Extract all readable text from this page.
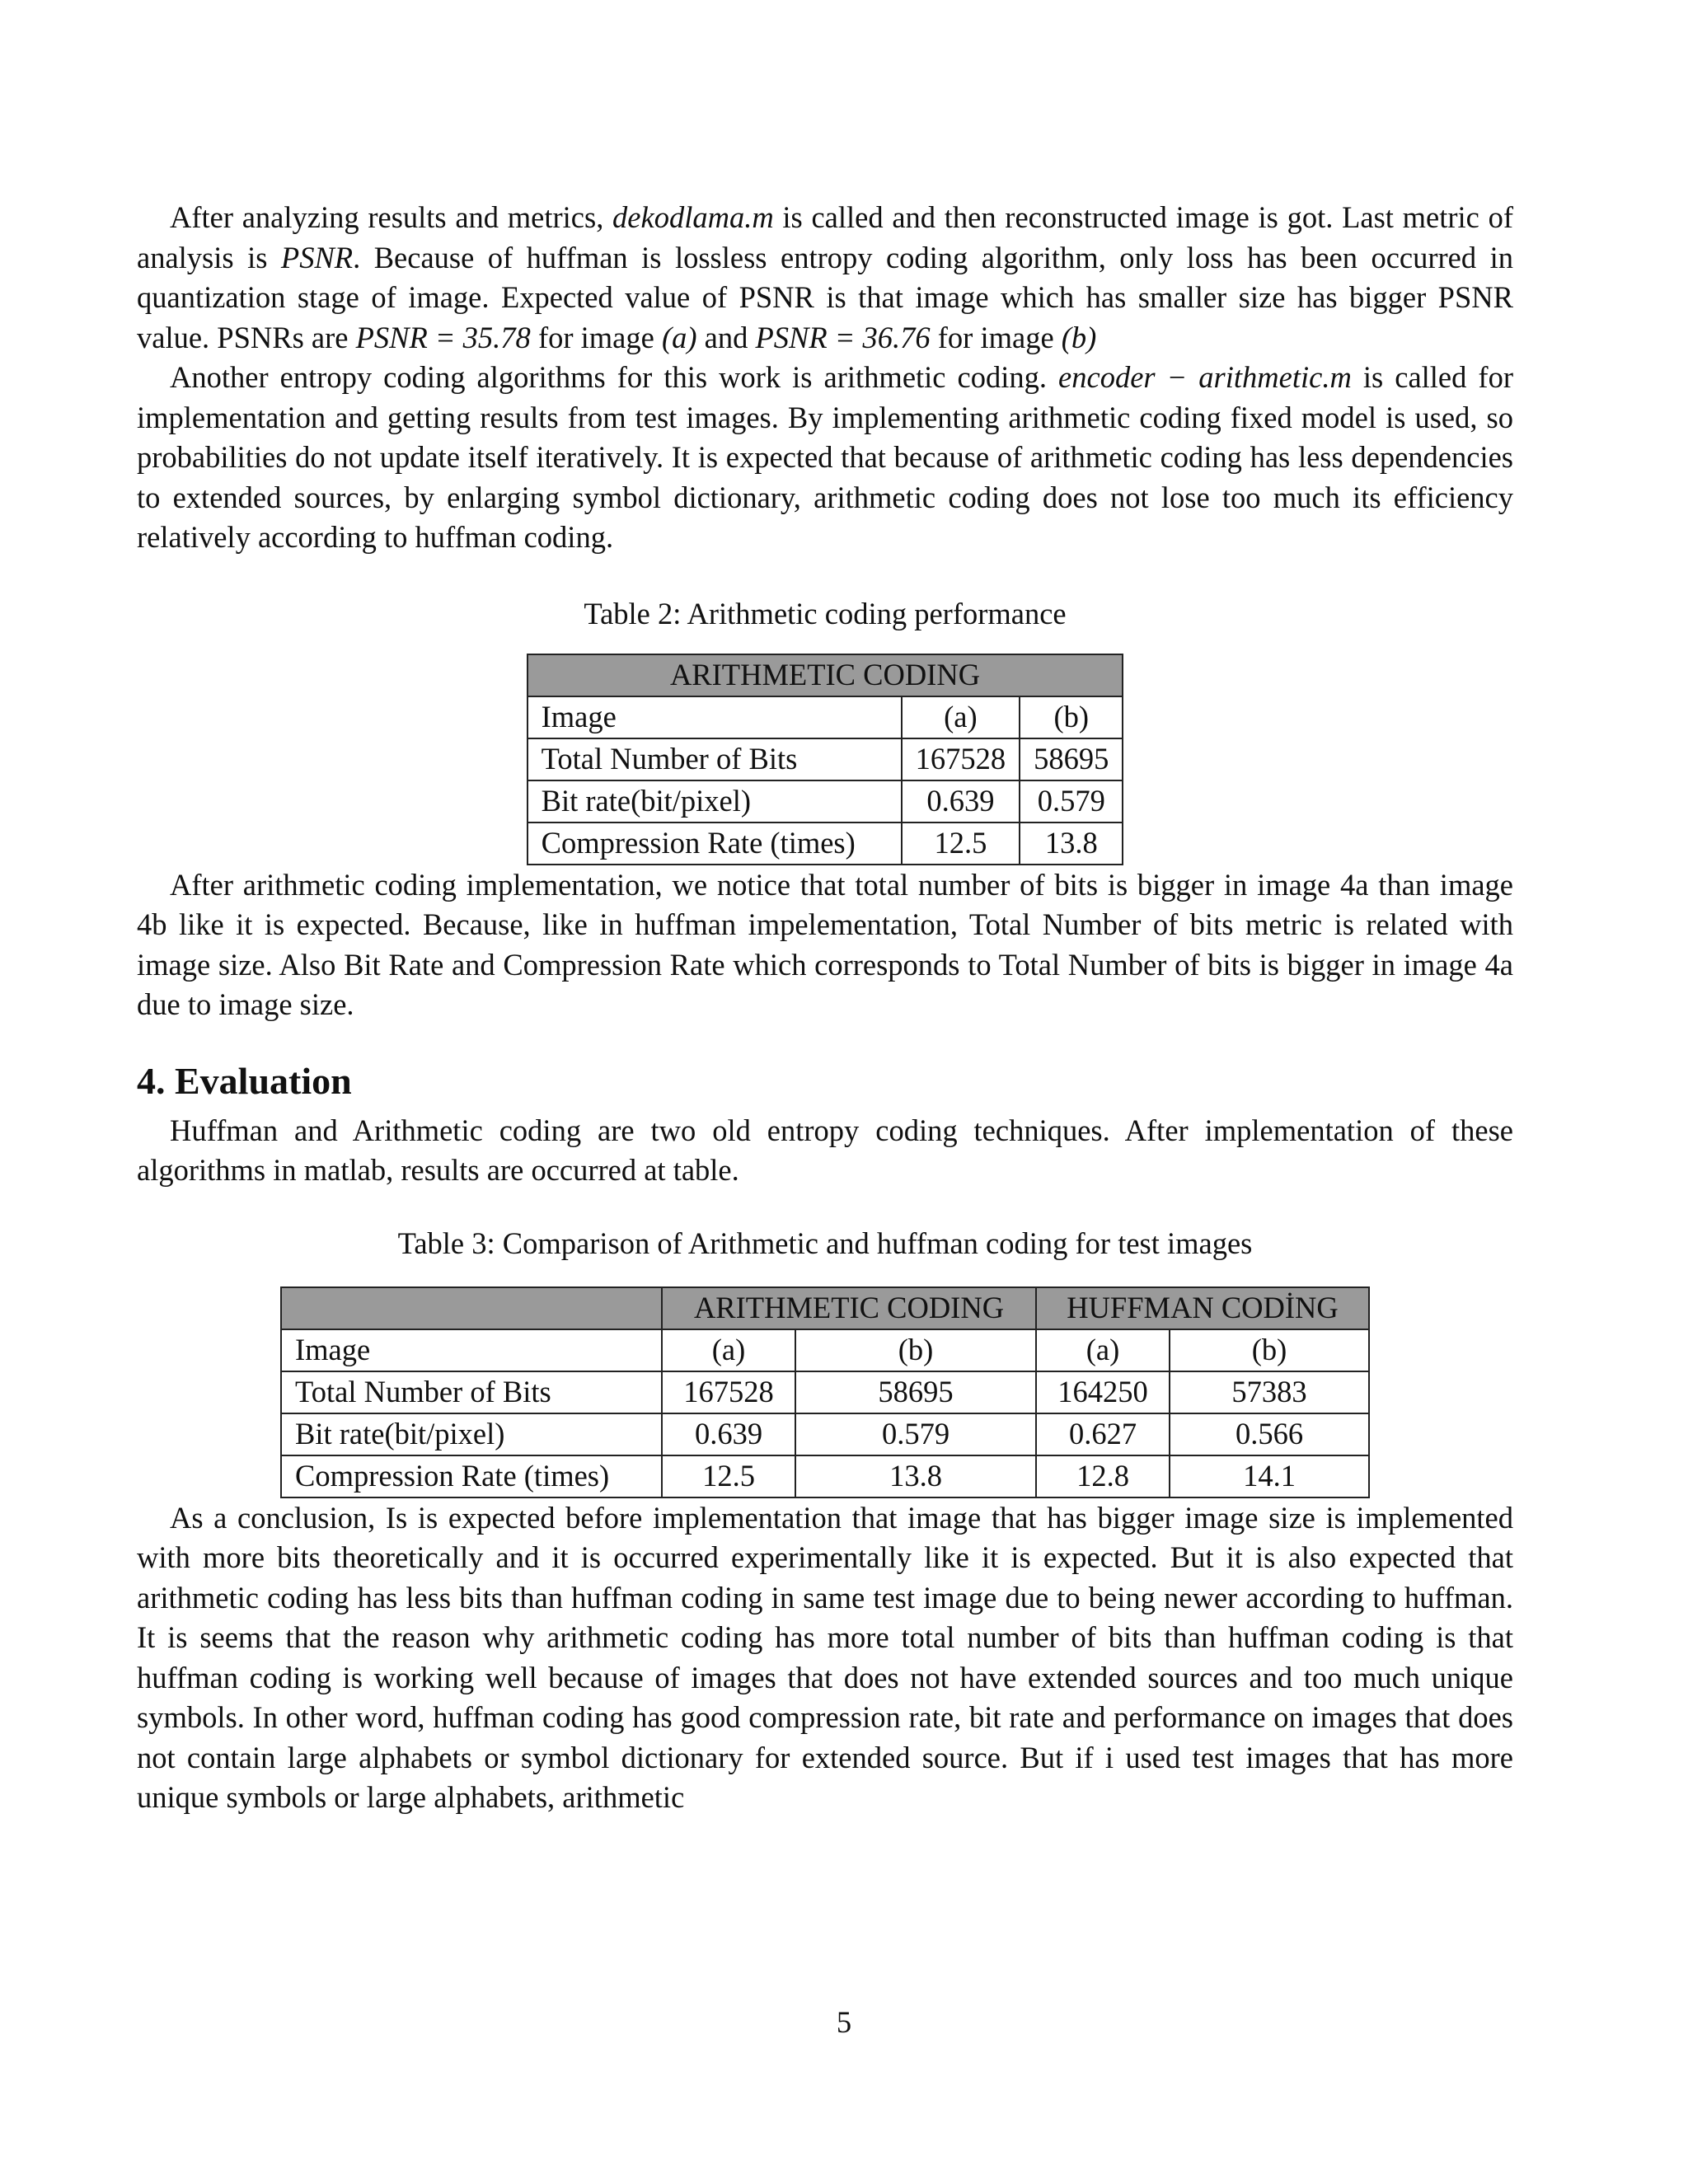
After analyzing results and metrics, dekodlama.m is called and then reconstructed image is got. Last metric of analysis is PSNR. Because of huffman is lossless entropy coding algorithm, only loss has been occurred in quantization stage of image. Expected value of PSNR is that image which has smaller size has bigger PSNR value. PSNRs are PSNR = 35.78 for image (a) and PSNR = 36.76 for image (b)

Another entropy coding algorithms for this work is arithmetic coding. encoder − arithmetic.m is called for implementation and getting results from test images. By implementing arithmetic coding fixed model is used, so probabilities do not update itself iteratively. It is expected that because of arithmetic coding has less dependencies to extended sources, by enlarging symbol dictionary, arithmetic coding does not lose too much its efficiency relatively according to huffman coding.

Table 2: Arithmetic coding performance

ARITHMETIC CODING		
Image	(a)	(b)
Total Number of Bits	167528	58695
Bit rate(bit/pixel)	0.639	0.579
Compression Rate (times)	12.5	13.8

After arithmetic coding implementation, we notice that total number of bits is bigger in image 4a than image 4b like it is expected. Because, like in huffman impelementation, Total Number of bits metric is related with image size. Also Bit Rate and Compression Rate which corresponds to Total Number of bits is bigger in image 4a due to image size.

4. Evaluation

Huffman and Arithmetic coding are two old entropy coding techniques. After implementation of these algorithms in matlab, results are occurred at table.

Table 3: Comparison of Arithmetic and huffman coding for test images

	ARITHMETIC CODING		HUFFMAN CODİNG	
Image	(a)	(b)	(a)	(b)
Total Number of Bits	167528	58695	164250	57383
Bit rate(bit/pixel)	0.639	0.579	0.627	0.566
Compression Rate (times)	12.5	13.8	12.8	14.1

As a conclusion, Is is expected before implementation that image that has bigger image size is implemented with more bits theoretically and it is occurred experimentally like it is expected. But it is also expected that arithmetic coding has less bits than huffman coding in same test image due to being newer according to huffman. It is seems that the reason why arithmetic coding has more total number of bits than huffman coding is that huffman coding is working well because of images that does not have extended sources and too much unique symbols. In other word, huffman coding has good compression rate, bit rate and performance on images that does not contain large alphabets or symbol dictionary for extended source. But if i used test images that has more unique symbols or large alphabets, arithmetic

5
